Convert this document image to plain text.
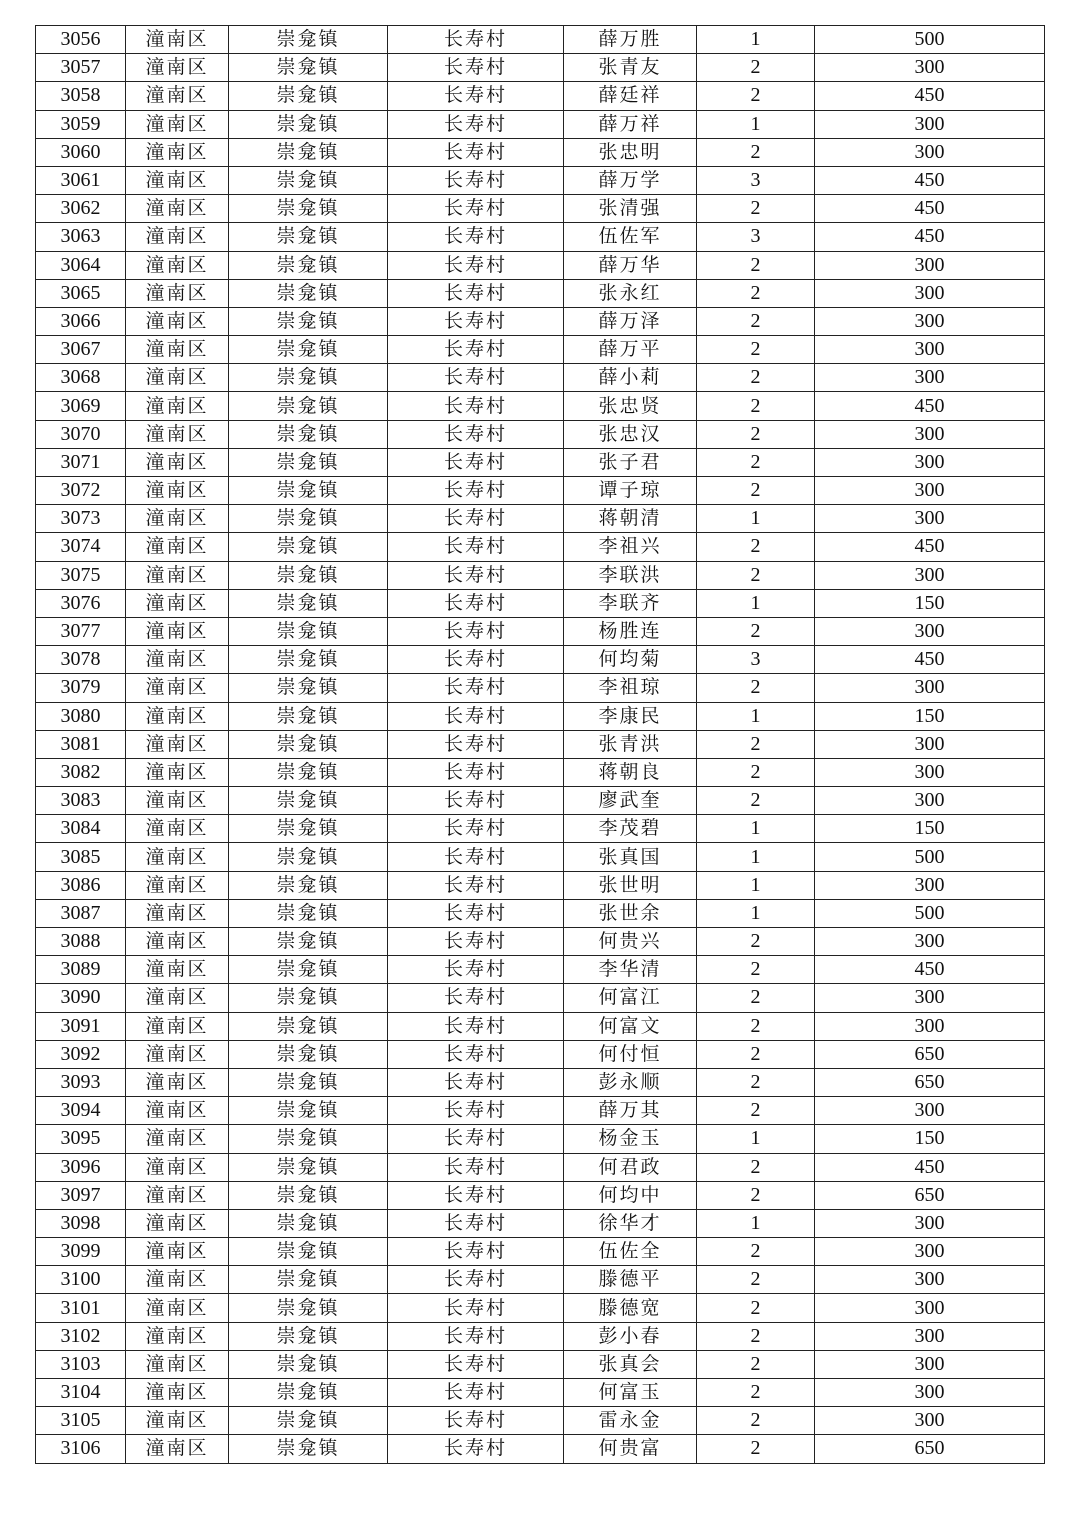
3056	潼南区	崇龛镇	长寿村	薛万胜	1	500
3057	潼南区	崇龛镇	长寿村	张青友	2	300
3058	潼南区	崇龛镇	长寿村	薛廷祥	2	450
3059	潼南区	崇龛镇	长寿村	薛万祥	1	300
3060	潼南区	崇龛镇	长寿村	张忠明	2	300
3061	潼南区	崇龛镇	长寿村	薛万学	3	450
3062	潼南区	崇龛镇	长寿村	张清强	2	450
3063	潼南区	崇龛镇	长寿村	伍佐军	3	450
3064	潼南区	崇龛镇	长寿村	薛万华	2	300
3065	潼南区	崇龛镇	长寿村	张永红	2	300
3066	潼南区	崇龛镇	长寿村	薛万泽	2	300
3067	潼南区	崇龛镇	长寿村	薛万平	2	300
3068	潼南区	崇龛镇	长寿村	薛小莉	2	300
3069	潼南区	崇龛镇	长寿村	张忠贤	2	450
3070	潼南区	崇龛镇	长寿村	张忠汉	2	300
3071	潼南区	崇龛镇	长寿村	张子君	2	300
3072	潼南区	崇龛镇	长寿村	谭子琼	2	300
3073	潼南区	崇龛镇	长寿村	蒋朝清	1	300
3074	潼南区	崇龛镇	长寿村	李祖兴	2	450
3075	潼南区	崇龛镇	长寿村	李联洪	2	300
3076	潼南区	崇龛镇	长寿村	李联齐	1	150
3077	潼南区	崇龛镇	长寿村	杨胜连	2	300
3078	潼南区	崇龛镇	长寿村	何均菊	3	450
3079	潼南区	崇龛镇	长寿村	李祖琼	2	300
3080	潼南区	崇龛镇	长寿村	李康民	1	150
3081	潼南区	崇龛镇	长寿村	张青洪	2	300
3082	潼南区	崇龛镇	长寿村	蒋朝良	2	300
3083	潼南区	崇龛镇	长寿村	廖武奎	2	300
3084	潼南区	崇龛镇	长寿村	李茂碧	1	150
3085	潼南区	崇龛镇	长寿村	张真国	1	500
3086	潼南区	崇龛镇	长寿村	张世明	1	300
3087	潼南区	崇龛镇	长寿村	张世余	1	500
3088	潼南区	崇龛镇	长寿村	何贵兴	2	300
3089	潼南区	崇龛镇	长寿村	李华清	2	450
3090	潼南区	崇龛镇	长寿村	何富江	2	300
3091	潼南区	崇龛镇	长寿村	何富文	2	300
3092	潼南区	崇龛镇	长寿村	何付恒	2	650
3093	潼南区	崇龛镇	长寿村	彭永顺	2	650
3094	潼南区	崇龛镇	长寿村	薛万其	2	300
3095	潼南区	崇龛镇	长寿村	杨金玉	1	150
3096	潼南区	崇龛镇	长寿村	何君政	2	450
3097	潼南区	崇龛镇	长寿村	何均中	2	650
3098	潼南区	崇龛镇	长寿村	徐华才	1	300
3099	潼南区	崇龛镇	长寿村	伍佐全	2	300
3100	潼南区	崇龛镇	长寿村	滕德平	2	300
3101	潼南区	崇龛镇	长寿村	滕德宽	2	300
3102	潼南区	崇龛镇	长寿村	彭小春	2	300
3103	潼南区	崇龛镇	长寿村	张真会	2	300
3104	潼南区	崇龛镇	长寿村	何富玉	2	300
3105	潼南区	崇龛镇	长寿村	雷永金	2	300
3106	潼南区	崇龛镇	长寿村	何贵富	2	650
